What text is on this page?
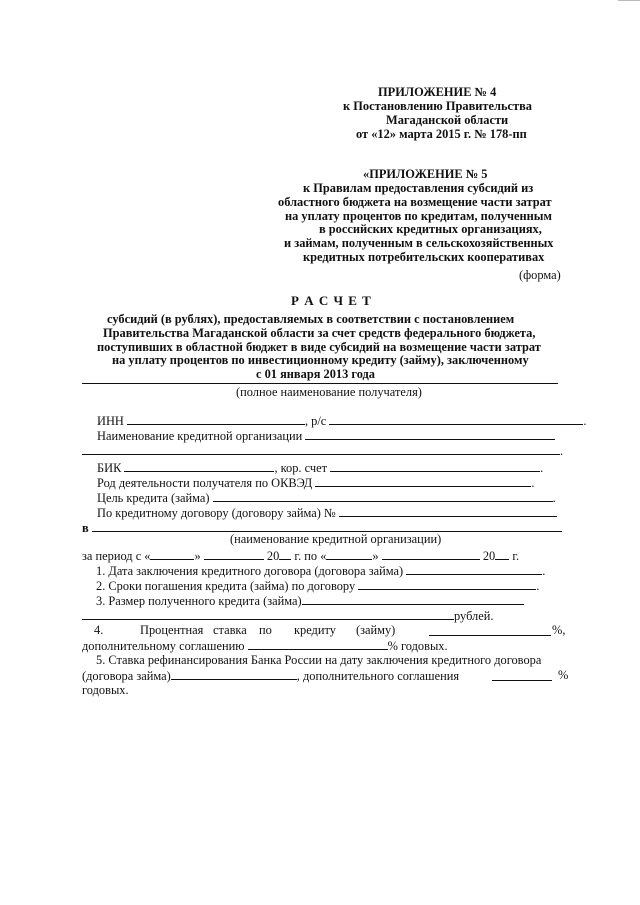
ПРИЛОЖЕНИЕ № 4
к Постановлению Правительства
Магаданской области
от «12» марта 2015 г. № 178-пп
«ПРИЛОЖЕНИЕ № 5
к Правилам предоставления субсидий из
областного бюджета на возмещение части затрат
на уплату процентов по кредитам, полученным
в российских кредитных организациях,
и займам, полученным в сельскохозяйственных
кредитных потребительских кооперативах
(форма)
Р А С Ч Е Т
субсидий (в рублях), предоставляемых в соответствии с постановлением
Правительства Магаданской области за счет средств федерального бюджета,
поступивших в областной бюджет в виде субсидий на возмещение части затрат
на уплату процентов по инвестиционному кредиту (займу), заключенному
с 01 января 2013 года
(полное наименование получателя)
ИНН	, р/с	.
Наименование кредитной организации
.
БИК	, кор. счет	.
Род деятельности получателя по ОКВЭД	.
Цель кредита (займа)	.
По кредитному договору (договору займа) №
в
(наименование кредитной организации)
за период с «	»	20 г. по «	»	20 г.
1. Дата заключения кредитного договора (договора займа)	.
2. Сроки погашения кредита (займа) по договору	.
3. Размер полученного кредита (займа)
рублей.
4.	Процентная ставка по кредиту (займу)	%,
дополнительному соглашению	% годовых.
5. Ставка рефинансирования Банка России на дату заключения кредитного договора
(договора займа)	, дополнительного соглашения	%
годовых.
